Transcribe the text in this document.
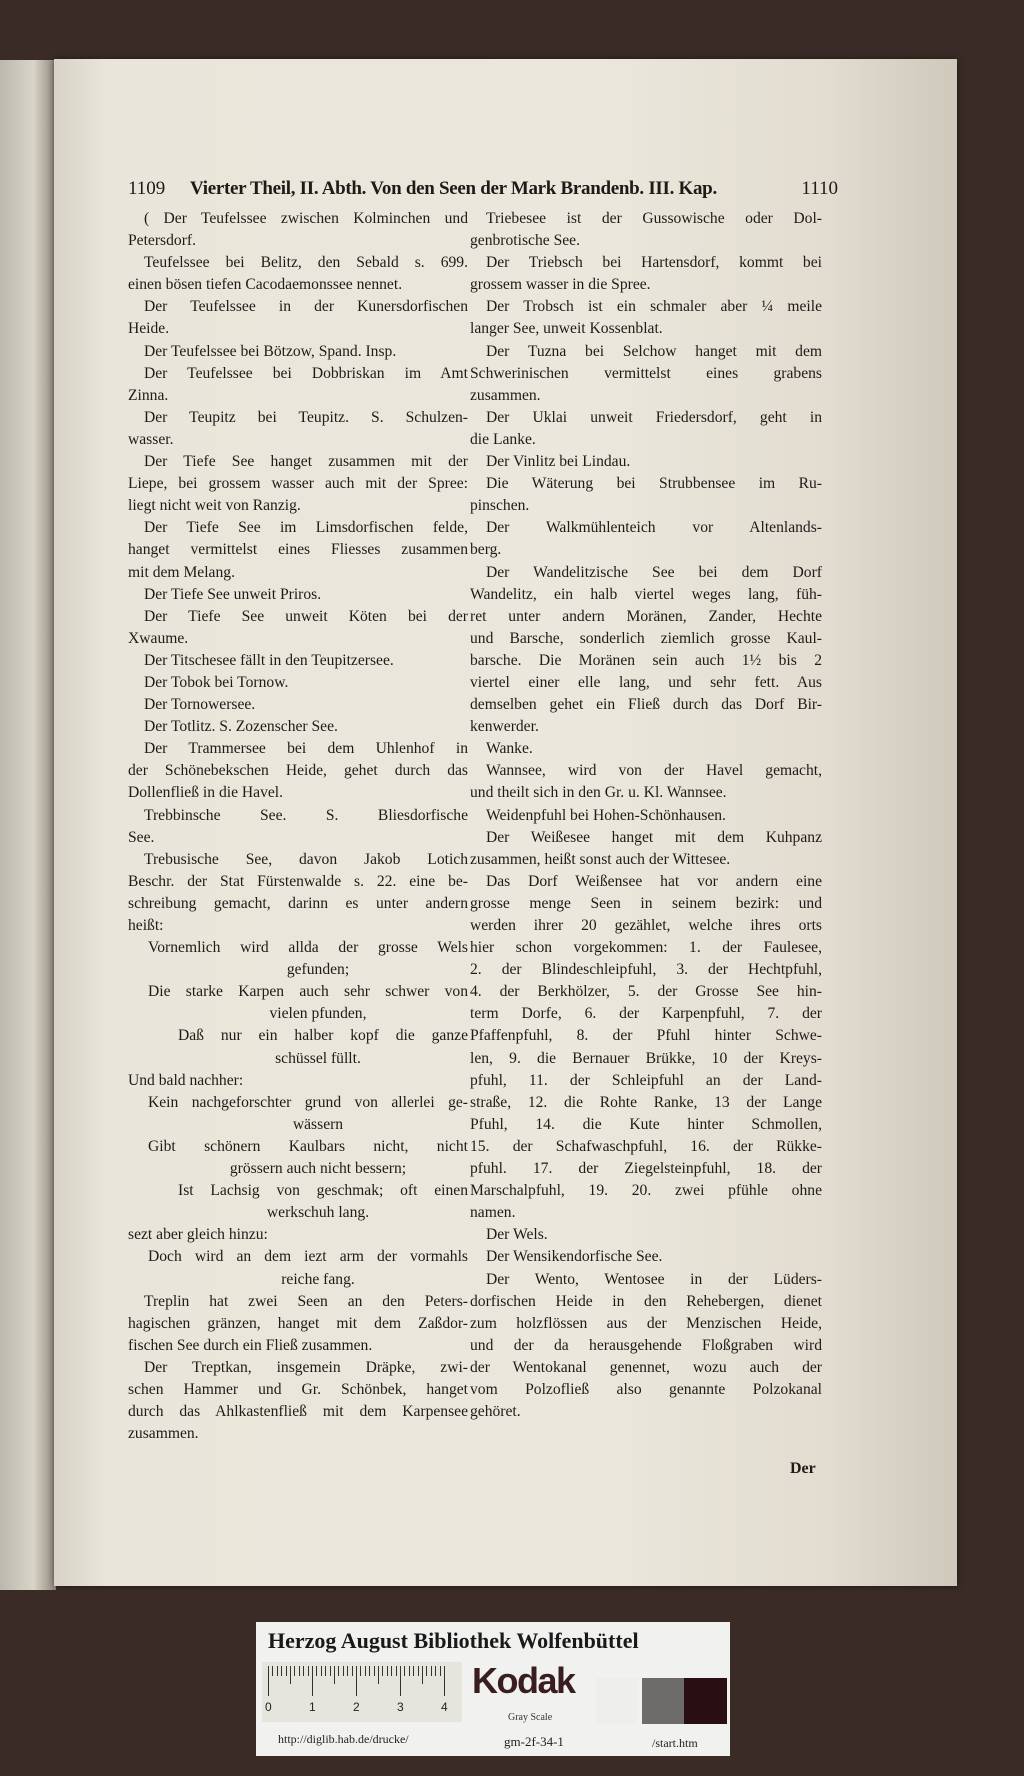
1109 Vierter Theil, II. Abth. Von den Seen der Mark Brandenb. III. Kap.	1110
( Der Teufelssee zwischen Kolminchen und
Petersdorf.
Teufelssee bei Belitz, den Sebald s. 699.
einen bösen tiefen Cacodaemonssee nennet.
Der Teufelssee in der Kunersdorfischen
Heide.
Der Teufelssee bei Bötzow, Spand. Insp.
Der Teufelssee bei Dobbriskan im Amt
Zinna.
Der Teupitz bei Teupitz. S. Schulzen-
wasser.
Der Tiefe See hanget zusammen mit der
Liepe, bei grossem wasser auch mit der Spree:
liegt nicht weit von Ranzig.
Der Tiefe See im Limsdorfischen felde,
hanget vermittelst eines Fliesses zusammen
mit dem Melang.
Der Tiefe See unweit Priros.
Der Tiefe See unweit Köten bei der
Xwaume.
Der Titschesee fällt in den Teupitzersee.
Der Tobok bei Tornow.
Der Tornowersee.
Der Totlitz. S. Zozenscher See.
Der Trammersee bei dem Uhlenhof in
der Schönebekschen Heide, gehet durch das
Dollenfließ in die Havel.
Trebbinsche See. S. Bliesdorfische
See.
Trebusische See, davon Jakob Lotich
Beschr. der Stat Fürstenwalde s. 22. eine be-
schreibung gemacht, darinn es unter andern
heißt:
Vornemlich wird allda der grosse Wels
gefunden;
Die starke Karpen auch sehr schwer von
vielen pfunden,
Daß nur ein halber kopf die ganze
schüssel füllt.
Und bald nachher:
Kein nachgeforschter grund von allerlei ge-
wässern
Gibt schönern Kaulbars nicht, nicht
grössern auch nicht bessern;
Ist Lachsig von geschmak; oft einen
werkschuh lang.
sezt aber gleich hinzu:
Doch wird an dem iezt arm der vormahls
reiche fang.
Treplin hat zwei Seen an den Peters-
hagischen gränzen, hanget mit dem Zaßdor-
fischen See durch ein Fließ zusammen.
Der Treptkan, insgemein Dräpke, zwi-
schen Hammer und Gr. Schönbek, hanget
durch das Ahlkastenfließ mit dem Karpensee
zusammen.
Triebesee ist der Gussowische oder Dol-
genbrotische See.
Der Triebsch bei Hartensdorf, kommt bei
grossem wasser in die Spree.
Der Trobsch ist ein schmaler aber ¼ meile
langer See, unweit Kossenblat.
Der Tuzna bei Selchow hanget mit dem
Schwerinischen vermittelst eines grabens
zusammen.
Der Uklai unweit Friedersdorf, geht in
die Lanke.
Der Vinlitz bei Lindau.
Die Wäterung bei Strubbensee im Ru-
pinschen.
Der Walkmühlenteich vor Altenlands-
berg.
Der Wandelitzische See bei dem Dorf
Wandelitz, ein halb viertel weges lang, füh-
ret unter andern Moränen, Zander, Hechte
und Barsche, sonderlich ziemlich grosse Kaul-
barsche. Die Moränen sein auch 1½ bis 2
viertel einer elle lang, und sehr fett. Aus
demselben gehet ein Fließ durch das Dorf Bir-
kenwerder.
Wanke.
Wannsee, wird von der Havel gemacht,
und theilt sich in den Gr. u. Kl. Wannsee.
Weidenpfuhl bei Hohen-Schönhausen.
Der Weißesee hanget mit dem Kuhpanz
zusammen, heißt sonst auch der Wittesee.
Das Dorf Weißensee hat vor andern eine
grosse menge Seen in seinem bezirk: und
werden ihrer 20 gezählet, welche ihres orts
hier schon vorgekommen: 1. der Faulesee,
2. der Blindeschleipfuhl, 3. der Hechtpfuhl,
4. der Berkhölzer, 5. der Grosse See hin-
term Dorfe, 6. der Karpenpfuhl, 7. der
Pfaffenpfuhl, 8. der Pfuhl hinter Schwe-
len, 9. die Bernauer Brükke, 10 der Kreys-
pfuhl, 11. der Schleipfuhl an der Land-
straße, 12. die Rohte Ranke, 13 der Lange
Pfuhl, 14. die Kute hinter Schmollen,
15. der Schafwaschpfuhl, 16. der Rükke-
pfuhl. 17. der Ziegelsteinpfuhl, 18. der
Marschalpfuhl, 19. 20. zwei pfühle ohne
namen.
Der Wels.
Der Wensikendorfische See.
Der Wento, Wentosee in der Lüders-
dorfischen Heide in den Rehebergen, dienet
zum holzflössen aus der Menzischen Heide,
und der da herausgehende Floßgraben wird
der Wentokanal genennet, wozu auch der
vom Polzofließ also genannte Polzokanal
gehöret.
Der
Herzog August Bibliothek Wolfenbüttel
0	1	2	3	4
Kodak
Gray Scale
http://diglib.hab.de/drucke/	gm-2f-34-1	/start.htm
